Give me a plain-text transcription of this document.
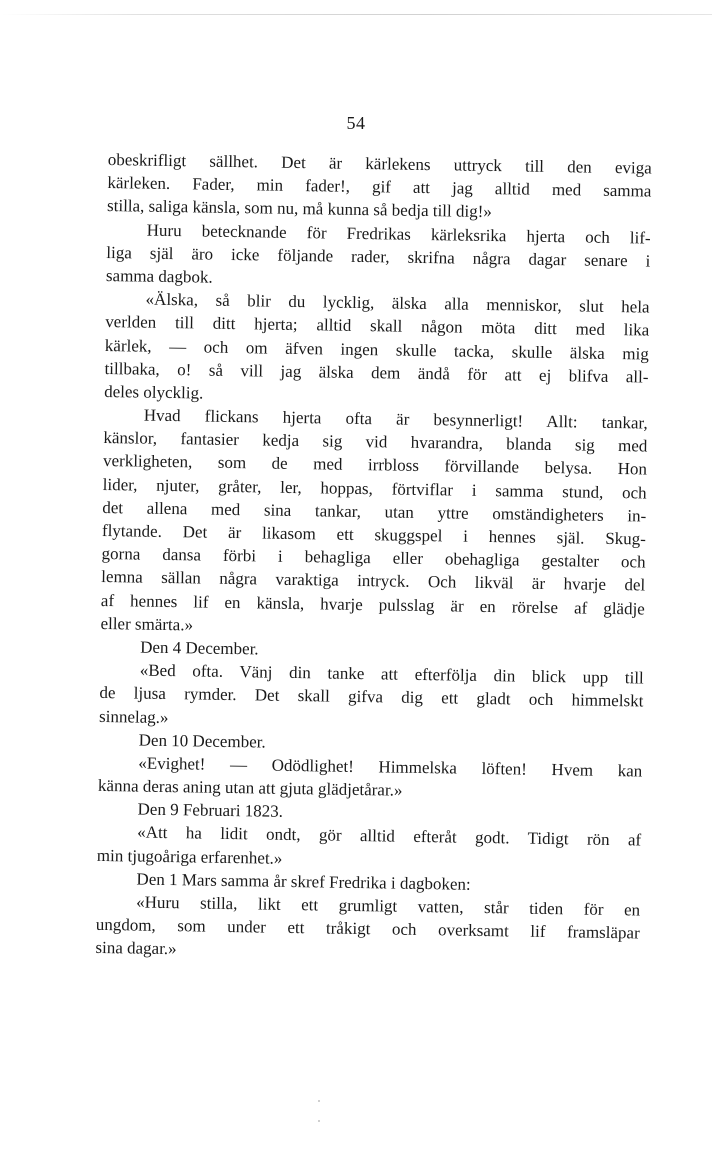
54
obeskrifligt sällhet. Det är kärlekens uttryck till den eviga
kärleken. Fader, min fader!, gif att jag alltid med samma
stilla, saliga känsla, som nu, må kunna så bedja till dig!»
Huru betecknande för Fredrikas kärleksrika hjerta och lif-
liga själ äro icke följande rader, skrifna några dagar senare i
samma dagbok.
«Älska, så blir du lycklig, älska alla menniskor, slut hela
verlden till ditt hjerta; alltid skall någon möta ditt med lika
kärlek, — och om äfven ingen skulle tacka, skulle älska mig
tillbaka, o! så vill jag älska dem ändå för att ej blifva all-
deles olycklig.
Hvad flickans hjerta ofta är besynnerligt! Allt: tankar,
känslor, fantasier kedja sig vid hvarandra, blanda sig med
verkligheten, som de med irrbloss förvillande belysa. Hon
lider, njuter, gråter, ler, hoppas, förtviflar i samma stund, och
det allena med sina tankar, utan yttre omständigheters in-
flytande. Det är likasom ett skuggspel i hennes själ. Skug-
gorna dansa förbi i behagliga eller obehagliga gestalter och
lemna sällan några varaktiga intryck. Och likväl är hvarje del
af hennes lif en känsla, hvarje pulsslag är en rörelse af glädje
eller smärta.»
Den 4 December.
«Bed ofta. Vänj din tanke att efterfölja din blick upp till
de ljusa rymder. Det skall gifva dig ett gladt och himmelskt
sinnelag.»
Den 10 December.
«Evighet! — Odödlighet! Himmelska löften! Hvem kan
känna deras aning utan att gjuta glädjetårar.»
Den 9 Februari 1823.
«Att ha lidit ondt, gör alltid efteråt godt. Tidigt rön af
min tjugoåriga erfarenhet.»
Den 1 Mars samma år skref Fredrika i dagboken:
«Huru stilla, likt ett grumligt vatten, står tiden för en
ungdom, som under ett tråkigt och overksamt lif framsläpar
sina dagar.»
